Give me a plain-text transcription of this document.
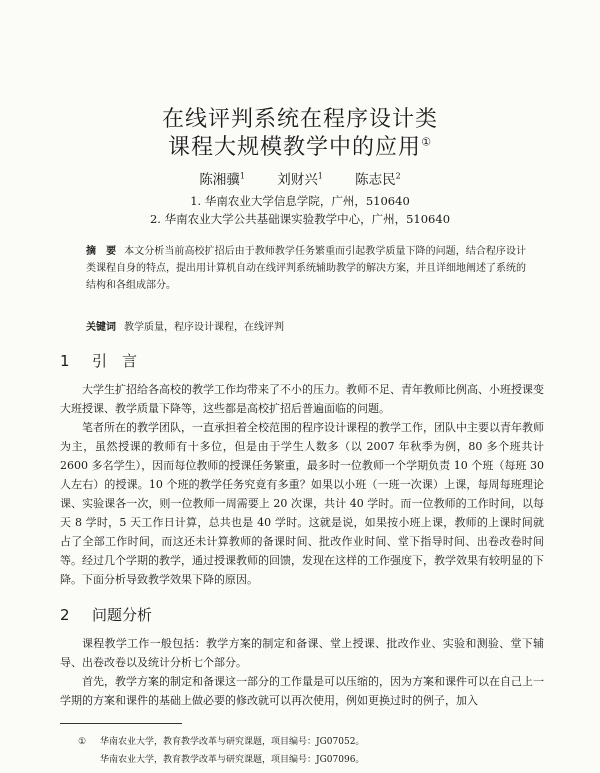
在线评判系统在程序设计类
课程大规模教学中的应用①
陈湘骥$^1$ 刘财兴$^1$ 陈志民$^2$
1. 华南农业大学信息学院，广州，510640
2. 华南农业大学公共基础课实验教学中心，广州，510640
摘　要 本文分析当前高校扩招后由于教师教学任务繁重而引起教学质量下降的问题，结合程序设计类课程自身的特点，提出用计算机自动在线评判系统辅助教学的解决方案，并且详细地阐述了系统的结构和各组成部分。
关键词 教学质量，程序设计课程，在线评判
1 引　言

大学生扩招给各高校的教学工作均带来了不小的压力。教师不足、青年教师比例高、小班授课变大班授课、教学质量下降等，这些都是高校扩招后普遍面临的问题。

笔者所在的教学团队，一直承担着全校范围的程序设计课程的教学工作，团队中主要以青年教师为主，虽然授课的教师有十多位，但是由于学生人数多（以 2007 年秋季为例，80 多个班共计 2600 多名学生），因而每位教师的授课任务繁重，最多时一位教师一个学期负责 10 个班（每班 30 人左右）的授课。10 个班的教学任务究竟有多重？如果以小班（一班一次课）上课，每周每班理论课、实验课各一次，则一位教师一周需要上 20 次课，共计 40 学时。而一位教师的工作时间，以每天 8 学时，5 天工作日计算，总共也是 40 学时。这就是说，如果按小班上课，教师的上课时间就占了全部工作时间，而这还未计算教师的备课时间、批改作业时间、堂下指导时间、出卷改卷时间等。经过几个学期的教学，通过授课教师的回馈，发现在这样的工作强度下，教学效果有较明显的下降。下面分析导致教学效果下降的原因。

2 问题分析

课程教学工作一般包括：教学方案的制定和备课、堂上授课、批改作业、实验和测验、堂下辅导、出卷改卷以及统计分析七个部分。

首先，教学方案的制定和备课这一部分的工作量是可以压缩的，因为方案和课件可以在自己上一学期的方案和课件的基础上做必要的修改就可以再次使用，例如更换过时的例子，加入

① 华南农业大学，教育教学改革与研究课题，项目编号：JG07052。
华南农业大学，教育教学改革与研究课题，项目编号：JG07096。
